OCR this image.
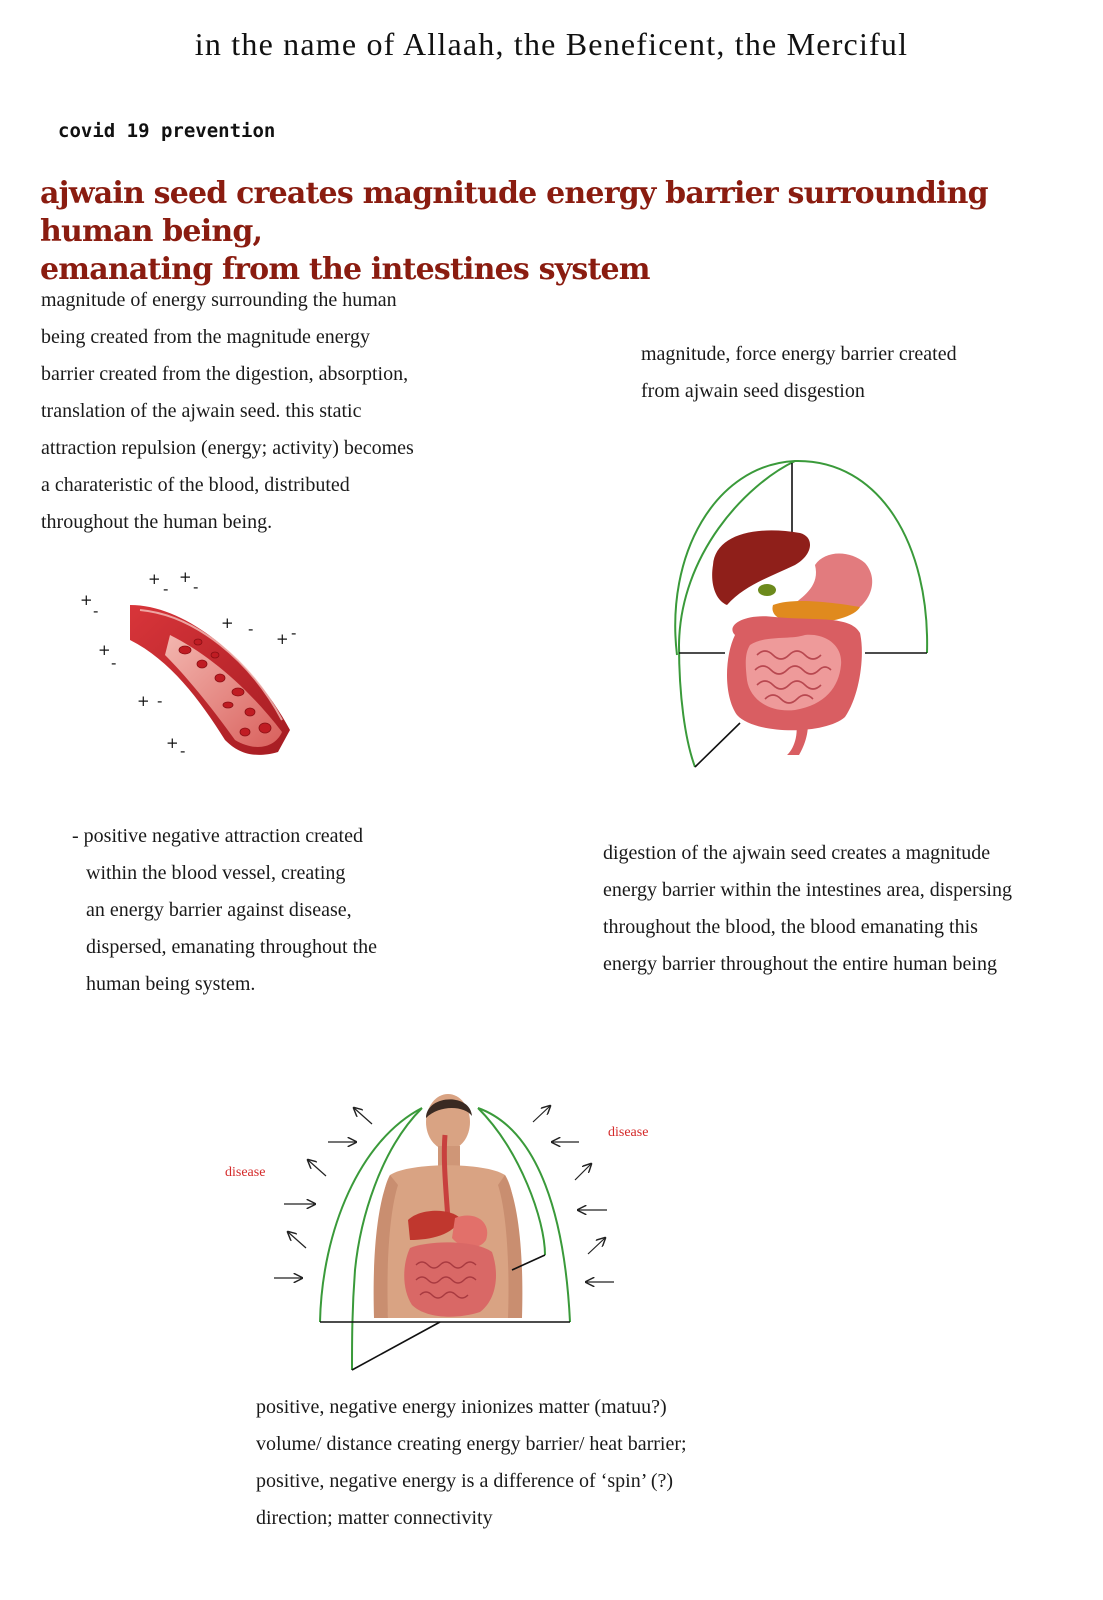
in the name of Allaah, the Beneficent, the Merciful
covid 19 prevention
ajwain seed creates magnitude energy barrier surrounding human being,
emanating from the intestines system
magnitude of energy surrounding the human
being created from the magnitude energy
barrier created from the digestion, absorption,
translation of the ajwain seed. this static
attraction repulsion (energy; activity) becomes
a charateristic of the blood, distributed
throughout the human being.
magnitude, force energy barrier created
from ajwain seed disgestion
+
-
+
-
+
-
+ -
+ -
+
-
+ -
+ -
- positive negative attraction created
within the blood vessel, creating
an energy barrier against disease,
dispersed, emanating throughout the
human being system.
digestion of the ajwain seed creates a magnitude
energy barrier within the intestines area, dispersing
throughout the blood, the blood emanating this
energy barrier throughout the entire human being
disease
disease
positive, negative energy inionizes matter (matuu?)
volume/ distance creating energy barrier/ heat barrier;
positive, negative energy is a difference of ‘spin’ (?)
direction; matter connectivity
